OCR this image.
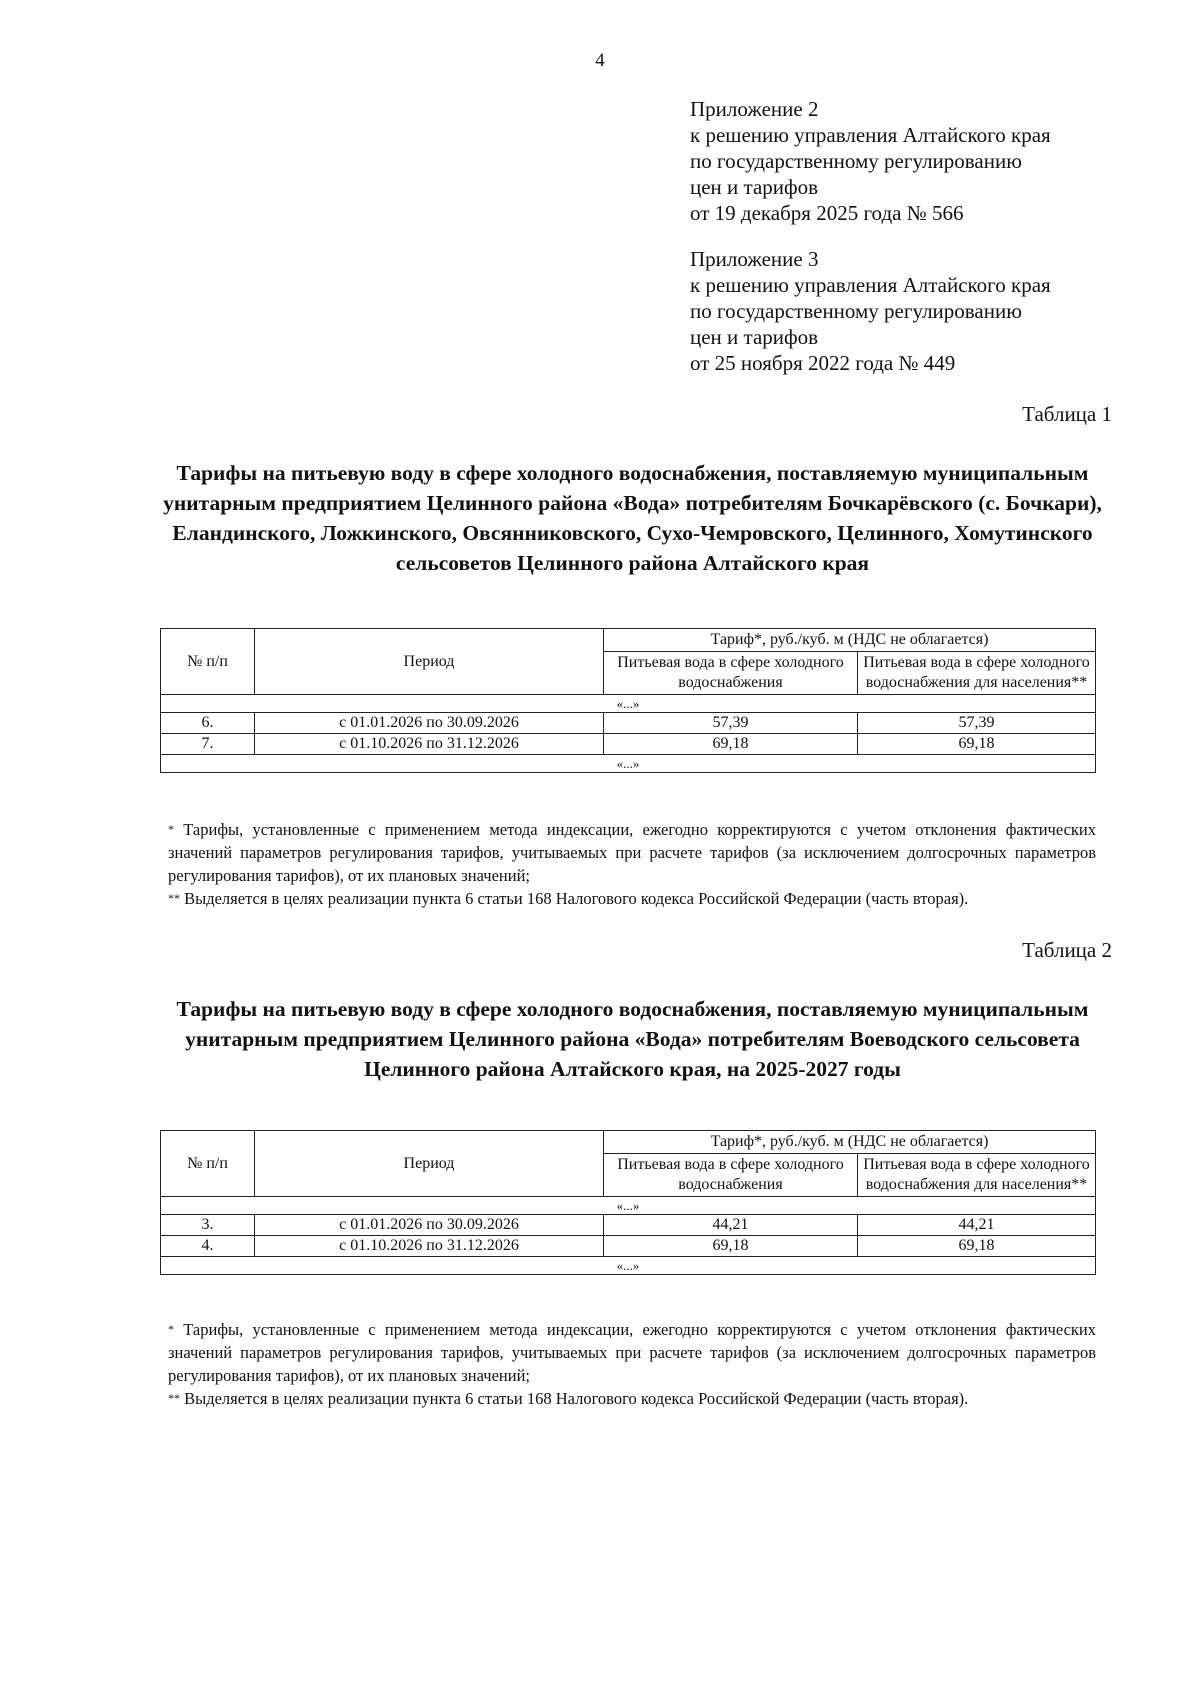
4
Приложение 2
к решению управления Алтайского края
по государственному регулированию
цен и тарифов
от 19 декабря 2025 года № 566
Приложение 3
к решению управления Алтайского края
по государственному регулированию
цен и тарифов
от 25 ноября 2022 года № 449
Таблица 1
Тарифы на питьевую воду в сфере холодного водоснабжения, поставляемую муниципальным унитарным предприятием Целинного района «Вода» потребителям Бочкарёвского (с. Бочкари), Еландинского, Ложкинского, Овсянниковского, Сухо-Чемровского, Целинного, Хомутинского сельсоветов Целинного района Алтайского края
№ п/п	Период	Тариф*, руб./куб. м (НДС не облагается)	
		Питьевая вода в сфере холодного водоснабжения	Питьевая вода в сфере холодного водоснабжения для населения**
«...»			
6.	с 01.01.2026 по 30.09.2026	57,39	57,39
7.	с 01.10.2026 по 31.12.2026	69,18	69,18
«...»			

* Тарифы, установленные с применением метода индексации, ежегодно корректируются с учетом отклонения фактических значений параметров регулирования тарифов, учитываемых при расчете тарифов (за исключением долгосрочных параметров регулирования тарифов), от их плановых значений;

** Выделяется в целях реализации пункта 6 статьи 168 Налогового кодекса Российской Федерации (часть вторая).

Таблица 2
Тарифы на питьевую воду в сфере холодного водоснабжения, поставляемую муниципальным унитарным предприятием Целинного района «Вода» потребителям Воеводского сельсовета Целинного района Алтайского края, на 2025-2027 годы
№ п/п	Период	Тариф*, руб./куб. м (НДС не облагается)	
		Питьевая вода в сфере холодного водоснабжения	Питьевая вода в сфере холодного водоснабжения для населения**
«...»			
3.	с 01.01.2026 по 30.09.2026	44,21	44,21
4.	с 01.10.2026 по 31.12.2026	69,18	69,18
«...»			

* Тарифы, установленные с применением метода индексации, ежегодно корректируются с учетом отклонения фактических значений параметров регулирования тарифов, учитываемых при расчете тарифов (за исключением долгосрочных параметров регулирования тарифов), от их плановых значений;

** Выделяется в целях реализации пункта 6 статьи 168 Налогового кодекса Российской Федерации (часть вторая).
